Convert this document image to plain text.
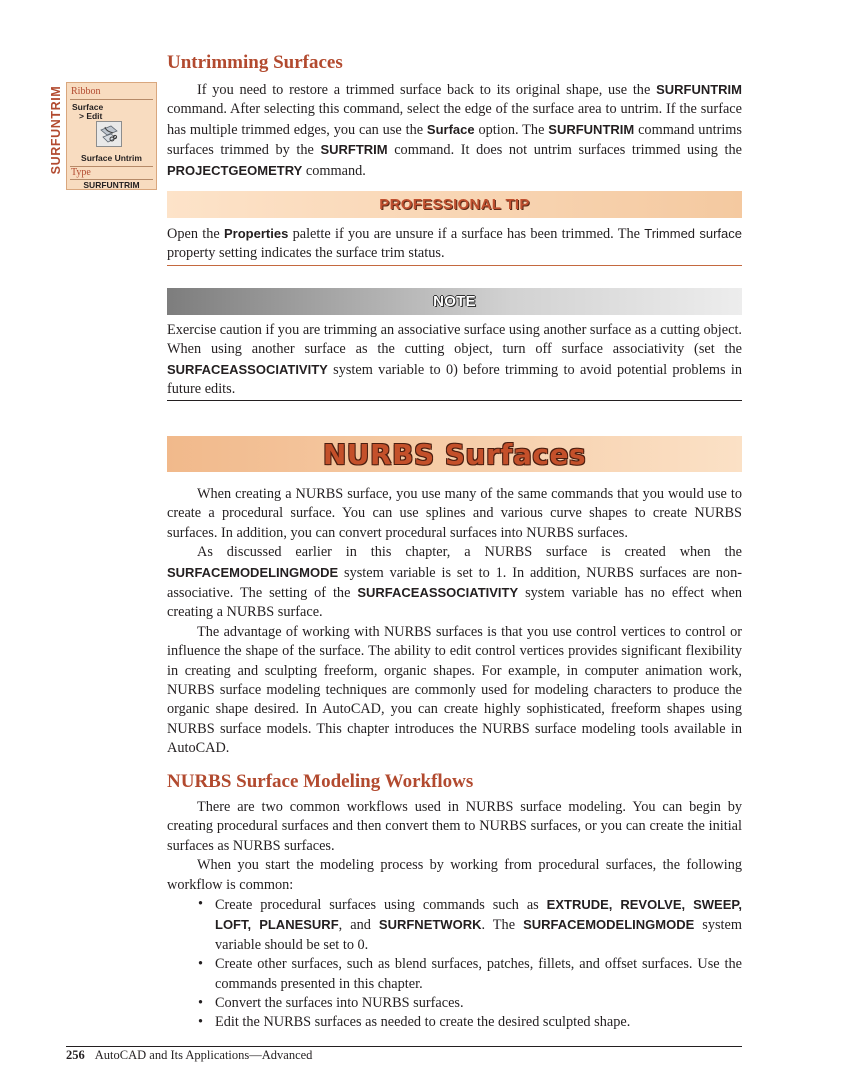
SURFUNTRIM Ribbon
Surface
> Edit
Surface Untrim
Type
SURFUNTRIM
Untrimming Surfaces

If you need to restore a trimmed surface back to its original shape, use the SURFUNTRIM command. After selecting this command, select the edge of the surface area to untrim. If the surface has multiple trimmed edges, you can use the Surface option. The SURFUNTRIM command untrims surfaces trimmed by the SURFTRIM command. It does not untrim surfaces trimmed using the PROJECTGEOMETRY command.

PROFESSIONAL TIP

Open the Properties palette if you are unsure if a surface has been trimmed. The Trimmed surface property setting indicates the surface trim status.

NOTE

Exercise caution if you are trimming an associative surface using another surface as a cutting object. When using another surface as the cutting object, turn off surface associativity (set the SURFACEASSOCIATIVITY system variable to 0) before trimming to avoid potential problems in future edits.

NURBS Surfaces

When creating a NURBS surface, you use many of the same commands that you would use to create a procedural surface. You can use splines and various curve shapes to create NURBS surfaces. In addition, you can convert procedural surfaces into NURBS surfaces.

As discussed earlier in this chapter, a NURBS surface is created when the SURFACEMODELINGMODE system variable is set to 1. In addition, NURBS surfaces are non-associative. The setting of the SURFACEASSOCIATIVITY system variable has no effect when creating a NURBS surface.

The advantage of working with NURBS surfaces is that you use control vertices to control or influence the shape of the surface. The ability to edit control vertices provides significant flexibility in creating and sculpting freeform, organic shapes. For example, in computer animation work, NURBS surface modeling techniques are commonly used for modeling characters to produce the organic shape desired. In AutoCAD, you can create highly sophisticated, freeform shapes using NURBS surface models. This chapter introduces the NURBS surface modeling tools available in AutoCAD.

NURBS Surface Modeling Workflows

There are two common workflows used in NURBS surface modeling. You can begin by creating procedural surfaces and then convert them to NURBS surfaces, or you can create the initial surfaces as NURBS surfaces.

When you start the modeling process by working from procedural surfaces, the following workflow is common:

• Create procedural surfaces using commands such as EXTRUDE, REVOLVE, SWEEP, LOFT, PLANESURF, and SURFNETWORK. The SURFACEMODELINGMODE system variable should be set to 0.
• Create other surfaces, such as blend surfaces, patches, fillets, and offset surfaces. Use the commands presented in this chapter.
• Convert the surfaces into NURBS surfaces.
• Edit the NURBS surfaces as needed to create the desired sculpted shape.
256 AutoCAD and Its Applications—Advanced
